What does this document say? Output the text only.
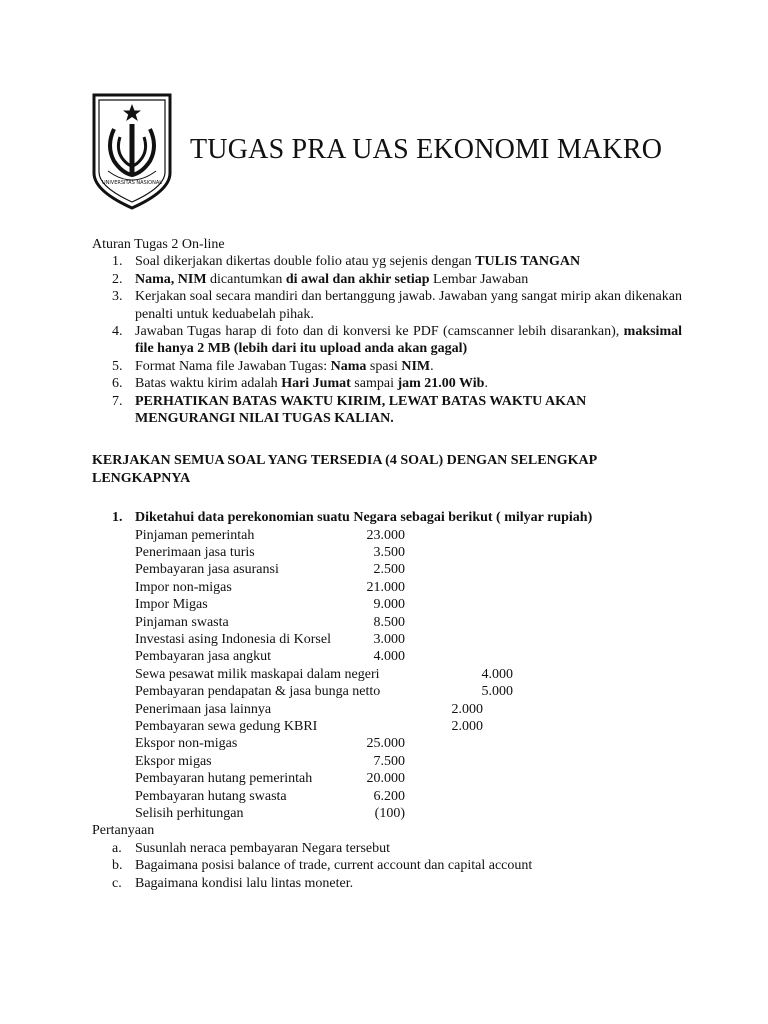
UNIVERSITAS NASIONAL
TUGAS PRA UAS EKONOMI MAKRO

Aturan Tugas 2 On-line

1. Soal dikerjakan dikertas double folio atau yg sejenis dengan TULIS TANGAN
2. Nama, NIM dicantumkan di awal dan akhir setiap Lembar Jawaban
3. Kerjakan soal secara mandiri dan bertanggung jawab. Jawaban yang sangat mirip akan dikenakan penalti untuk keduabelah pihak.
4. Jawaban Tugas harap di foto dan di konversi ke PDF (camscanner lebih disarankan), maksimal file hanya 2 MB (lebih dari itu upload anda akan gagal)
5. Format Nama file Jawaban Tugas: Nama spasi NIM.
6. Batas waktu kirim adalah Hari Jumat sampai jam 21.00 Wib.
7. PERHATIKAN BATAS WAKTU KIRIM, LEWAT BATAS WAKTU AKAN MENGURANGI NILAI TUGAS KALIAN.

KERJAKAN SEMUA SOAL YANG TERSEDIA (4 SOAL) DENGAN SELENGKAP LENGKAPNYA

1. Diketahui data perekonomian suatu Negara sebagai berikut ( milyar rupiah)
Pinjaman pemerintah	23.000
Penerimaan jasa turis	3.500
Pembayaran jasa asuransi	2.500
Impor non-migas	21.000
Impor Migas	9.000
Pinjaman swasta	8.500
Investasi asing Indonesia di Korsel	3.000
Pembayaran jasa angkut	4.000
Sewa pesawat milik maskapai dalam negeri	4.000
Pembayaran pendapatan & jasa bunga netto	5.000
Penerimaan jasa lainnya	2.000
Pembayaran sewa gedung KBRI	2.000
Ekspor non-migas	25.000
Ekspor migas	7.500
Pembayaran hutang pemerintah	20.000
Pembayaran hutang swasta	6.200
Selisih perhitungan	(100)

Pertanyaan

a. Susunlah neraca pembayaran Negara tersebut
b. Bagaimana posisi balance of trade, current account dan capital account
c. Bagaimana kondisi lalu lintas moneter.
